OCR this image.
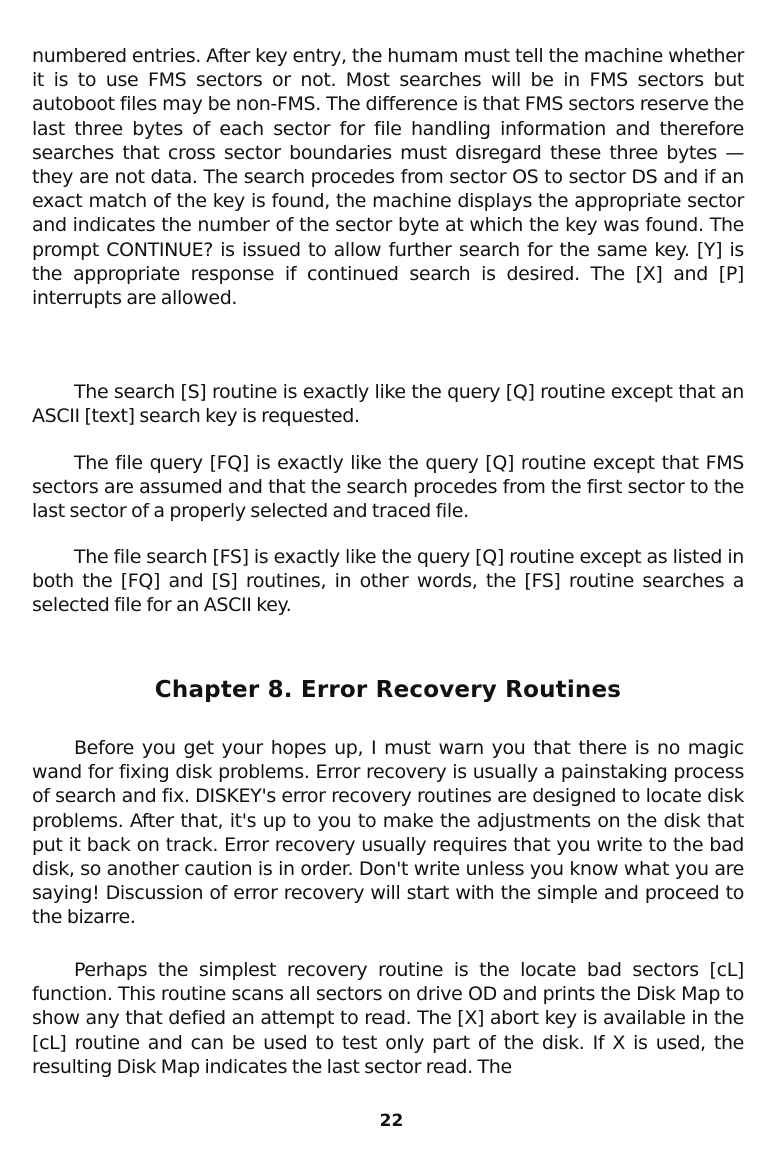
numbered entries. After key entry, the humam must tell the machine whether it is to use FMS sectors or not. Most searches will be in FMS sectors but autoboot files may be non-FMS. The difference is that FMS sectors reserve the last three bytes of each sector for file handling information and therefore searches that cross sector boundaries must disregard these three bytes — they are not data. The search procedes from sector OS to sector DS and if an exact match of the key is found, the machine displays the appropriate sector and indicates the number of the sector byte at which the key was found. The prompt CONTINUE? is issued to allow further search for the same key. [Y] is the appropriate response if continued search is desired. The [X] and [P] interrupts are allowed.

The search [S] routine is exactly like the query [Q] routine except that an ASCII [text] search key is requested.

The file query [FQ] is exactly like the query [Q] routine except that FMS sectors are assumed and that the search procedes from the first sector to the last sector of a properly selected and traced file.

The file search [FS] is exactly like the query [Q] routine except as listed in both the [FQ] and [S] routines, in other words, the [FS] routine searches a selected file for an ASCII key.

Chapter 8. Error Recovery Routines

Before you get your hopes up, I must warn you that there is no magic wand for fixing disk problems. Error recovery is usually a painstaking process of search and fix. DISKEY's error recovery routines are designed to locate disk problems. After that, it's up to you to make the adjustments on the disk that put it back on track. Error recovery usually requires that you write to the bad disk, so another caution is in order. Don't write unless you know what you are saying! Discussion of error recovery will start with the simple and proceed to the bizarre.

Perhaps the simplest recovery routine is the locate bad sectors [cL] function. This routine scans all sectors on drive OD and prints the Disk Map to show any that defied an attempt to read. The [X] abort key is available in the [cL] routine and can be used to test only part of the disk. If X is used, the resulting Disk Map indicates the last sector read. The

22
